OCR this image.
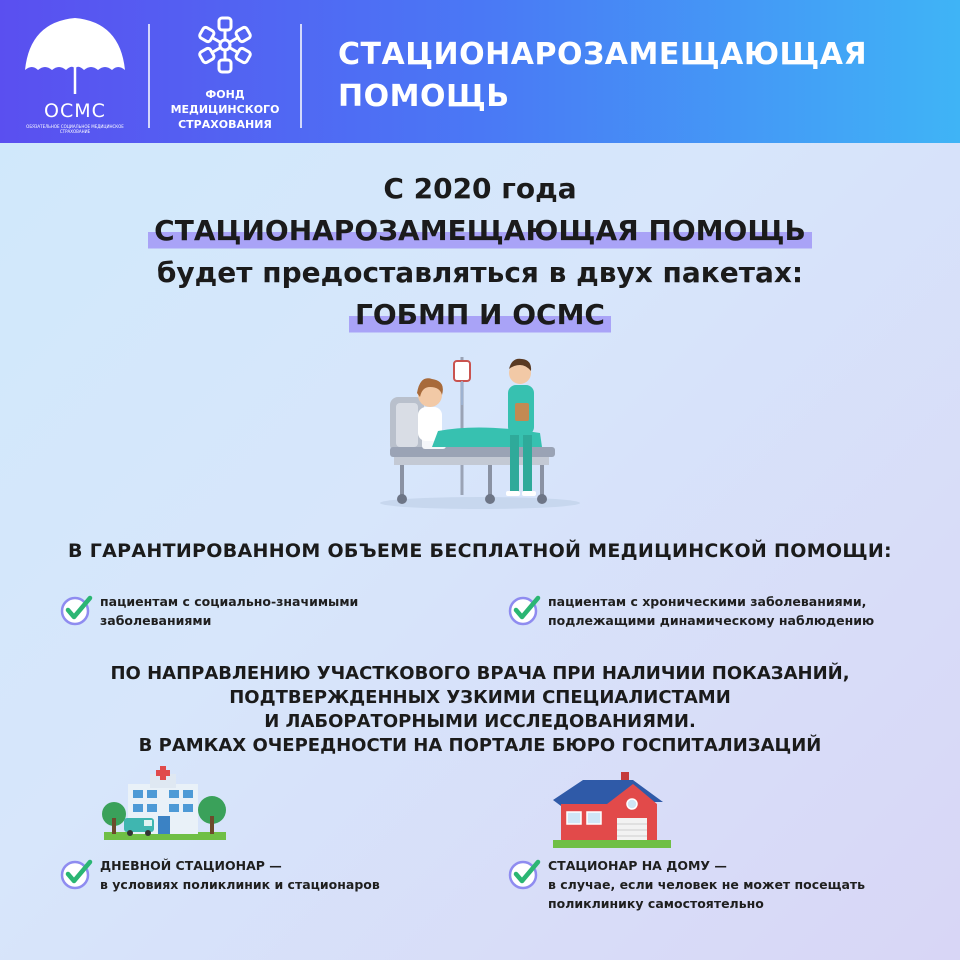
ОСМС
ОБЯЗАТЕЛЬНОЕ СОЦИАЛЬНОЕ МЕДИЦИНСКОЕ СТРАХОВАНИЕ
ФОНД
МЕДИЦИНСКОГО
СТРАХОВАНИЯ
СТАЦИОНАРОЗАМЕЩАЮЩАЯ
ПОМОЩЬ
С 2020 года
СТАЦИОНАРОЗАМЕЩАЮЩАЯ ПОМОЩЬ
будет предоставляться в двух пакетах:
ГОБМП И ОСМС
В ГАРАНТИРОВАННОМ ОБЪЕМЕ БЕСПЛАТНОЙ МЕДИЦИНСКОЙ ПОМОЩИ:
пациентам с социально-значимыми
заболеваниями
пациентам с хроническими заболеваниями,
подлежащими динамическому наблюдению
ПО НАПРАВЛЕНИЮ УЧАСТКОВОГО ВРАЧА ПРИ НАЛИЧИИ ПОКАЗАНИЙ,
ПОДТВЕРЖДЕННЫХ УЗКИМИ СПЕЦИАЛИСТАМИ
И ЛАБОРАТОРНЫМИ ИССЛЕДОВАНИЯМИ.
В РАМКАХ ОЧЕРЕДНОСТИ НА ПОРТАЛЕ БЮРО ГОСПИТАЛИЗАЦИЙ
ДНЕВНОЙ СТАЦИОНАР —
в условиях поликлиник и стационаров
СТАЦИОНАР НА ДОМУ —
в случае, если человек не может посещать
поликлинику самостоятельно
